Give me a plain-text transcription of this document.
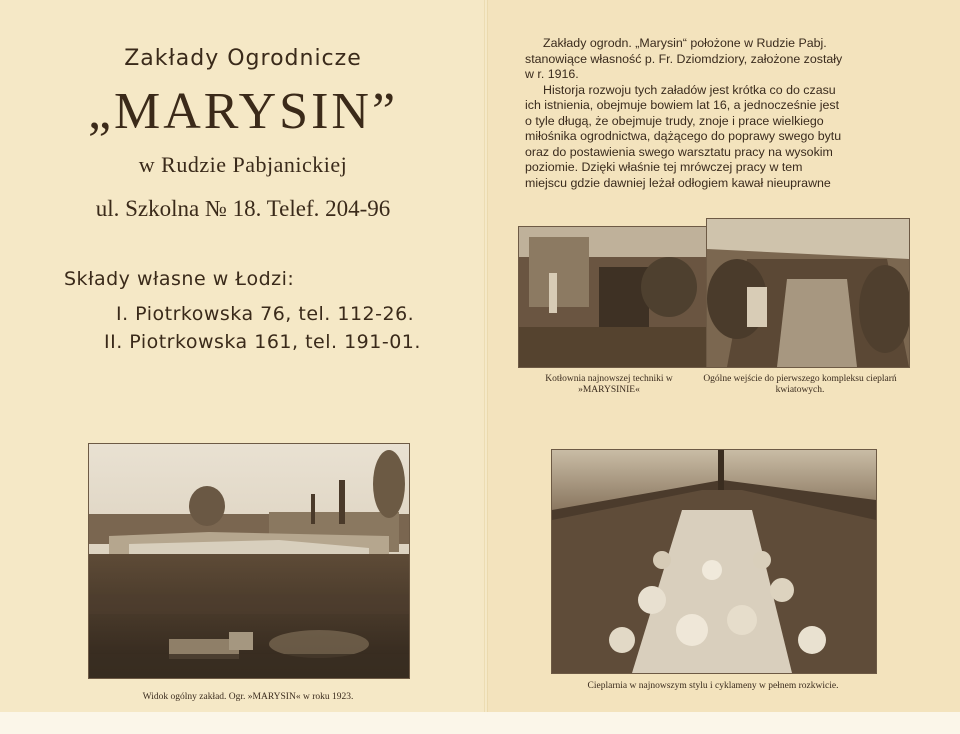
Zakłady Ogrodnicze
„MARYSIN”
w Rudzie Pabjanickiej
ul. Szkolna № 18. Telef. 204-96
Składy własne w Łodzi:
I. Piotrkowska 76, tel. 112-26.
II. Piotrkowska 161, tel. 191-01.
Widok ogólny zakład. Ogr. »MARYSIN« w roku 1923.

Zakłady ogrodn. „Marysin“ położone w Rudzie Pabj.

stanowiące własność p. Fr. Dziomdziory, założone zostały

w r. 1916.

Historja rozwoju tych załadów jest krótka co do czasu

ich istnienia, obejmuje bowiem lat 16, a jednocześnie jest

o tyle długą, że obejmuje trudy, znoje i prace wielkiego

miłośnika ogrodnictwa, dążącego do poprawy swego bytu

oraz do postawienia swego warsztatu pracy na wysokim

poziomie. Dzięki właśnie tej mrówczej pracy w tem

miejscu gdzie dawniej leżał odłogiem kawał nieuprawne

Kotłownia najnowszej techniki w »MARYSINIE«
Ogólne wejście do pierwszego kompleksu cieplarń kwiatowych.
Cieplarnia w najnowszym stylu i cyklameny w pełnem rozkwicie.
